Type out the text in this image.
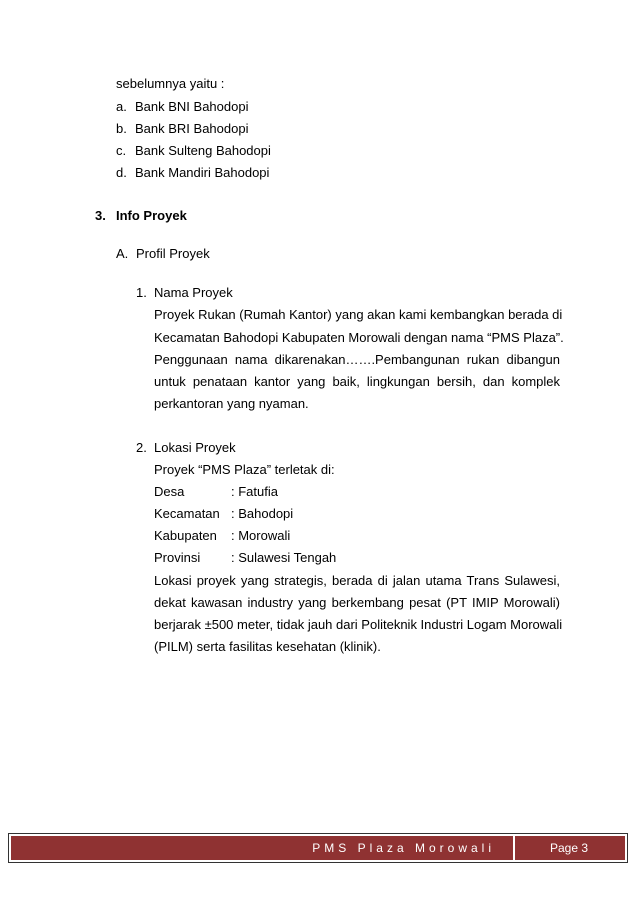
sebelumnya yaitu :
a. Bank BNI Bahodopi
b. Bank BRI Bahodopi
c. Bank Sulteng Bahodopi
d. Bank Mandiri Bahodopi
3. Info Proyek
A. Profil Proyek
1. Nama Proyek
Proyek Rukan (Rumah Kantor) yang akan kami kembangkan berada di
Kecamatan Bahodopi Kabupaten Morowali dengan nama “PMS Plaza”.
Penggunaan nama dikarenakan…….Pembangunan rukan dibangun
untuk penataan kantor yang baik, lingkungan bersih, dan komplek
perkantoran yang nyaman.
2. Lokasi Proyek
Proyek “PMS Plaza” terletak di:
Desa	: Fatufia
Kecamatan : Bahodopi
Kabupaten : Morowali
Provinsi : Sulawesi Tengah
Lokasi proyek yang strategis, berada di jalan utama Trans Sulawesi,
dekat kawasan industry yang berkembang pesat (PT IMIP Morowali)
berjarak ±500 meter, tidak jauh dari Politeknik Industri Logam Morowali
(PILM) serta fasilitas kesehatan (klinik).
PMS Plaza Morowali	Page 3
